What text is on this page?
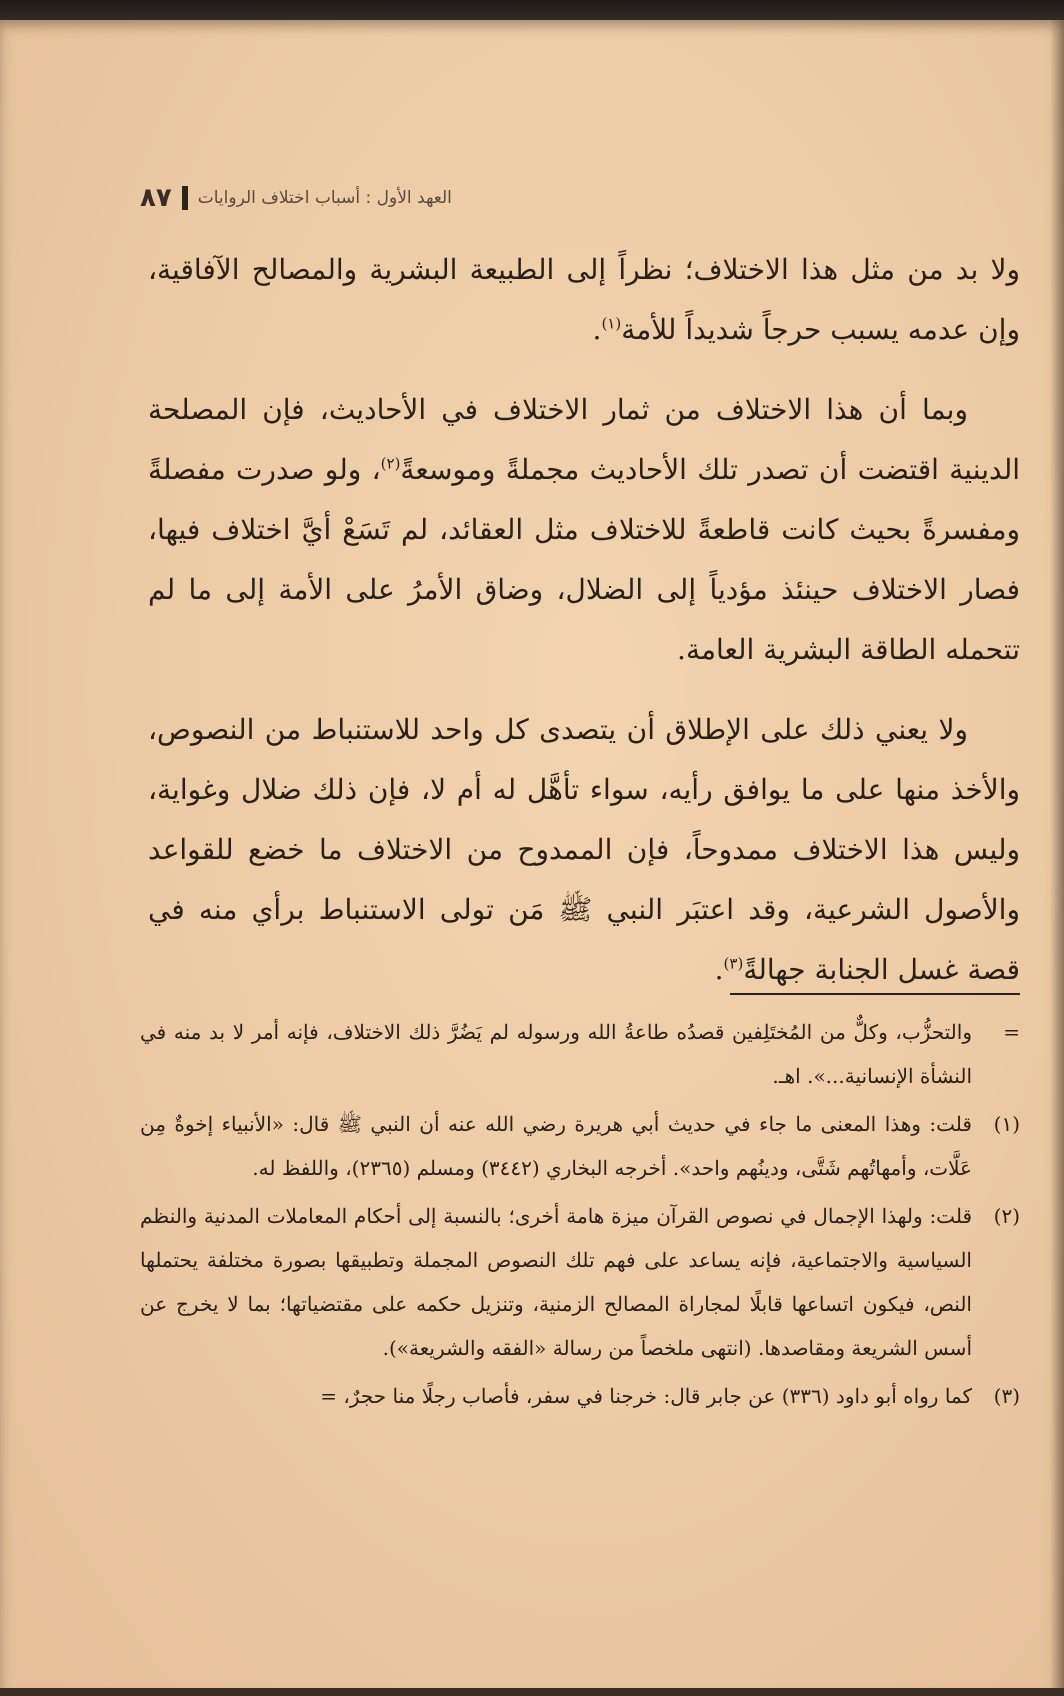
٨٧ العهد الأول : أسباب اختلاف الروايات

ولا بد من مثل هذا الاختلاف؛ نظراً إلى الطبيعة البشرية والمصالح الآفاقية، وإن عدمه يسبب حرجاً شديداً للأمة$^{(١)}$.

وبما أن هذا الاختلاف من ثمار الاختلاف في الأحاديث، فإن المصلحة الدينية اقتضت أن تصدر تلك الأحاديث مجملةً وموسعةً$^{(٢)}$، ولو صدرت مفصلةً ومفسرةً بحيث كانت قاطعةً للاختلاف مثل العقائد، لم تَسَعْ أيَّ اختلاف فيها، فصار الاختلاف حينئذ مؤدياً إلى الضلال، وضاق الأمرُ على الأمة إلى ما لم تتحمله الطاقة البشرية العامة.

ولا يعني ذلك على الإطلاق أن يتصدى كل واحد للاستنباط من النصوص، والأخذ منها على ما يوافق رأيه، سواء تأهَّل له أم لا، فإن ذلك ضلال وغواية، وليس هذا الاختلاف ممدوحاً، فإن الممدوح من الاختلاف ما خضع للقواعد والأصول الشرعية، وقد اعتبَر النبي ﷺ مَن تولى الاستنباط برأي منه في قصة غسل الجنابة جهالةً$^{(٣)}$.

=
والتحزُّب، وكلٌّ من المُختَلِفين قصدُه طاعةُ الله ورسوله لم يَضُرَّ ذلك الاختلاف، فإنه أمر لا بد منه في النشأة الإنسانية...». اهـ.
(١)
قلت: وهذا المعنى ما جاء في حديث أبي هريرة رضي الله عنه أن النبي ﷺ قال: «الأنبياء إخوةٌ مِن عَلَّات، وأمهاتُهم شَتَّى، ودينُهم واحد». أخرجه البخاري (٣٤٤٢) ومسلم (٢٣٦٥)، واللفظ له.
(٢)
قلت: ولهذا الإجمال في نصوص القرآن ميزة هامة أخرى؛ بالنسبة إلى أحكام المعاملات المدنية والنظم السياسية والاجتماعية، فإنه يساعد على فهم تلك النصوص المجملة وتطبيقها بصورة مختلفة يحتملها النص، فيكون اتساعها قابلًا لمجاراة المصالح الزمنية، وتنزيل حكمه على مقتضياتها؛ بما لا يخرج عن أسس الشريعة ومقاصدها. (انتهى ملخصاً من رسالة «الفقه والشريعة»).
(٣)
كما رواه أبو داود (٣٣٦) عن جابر قال: خرجنا في سفر، فأصاب رجلًا منا حجرٌ، =
